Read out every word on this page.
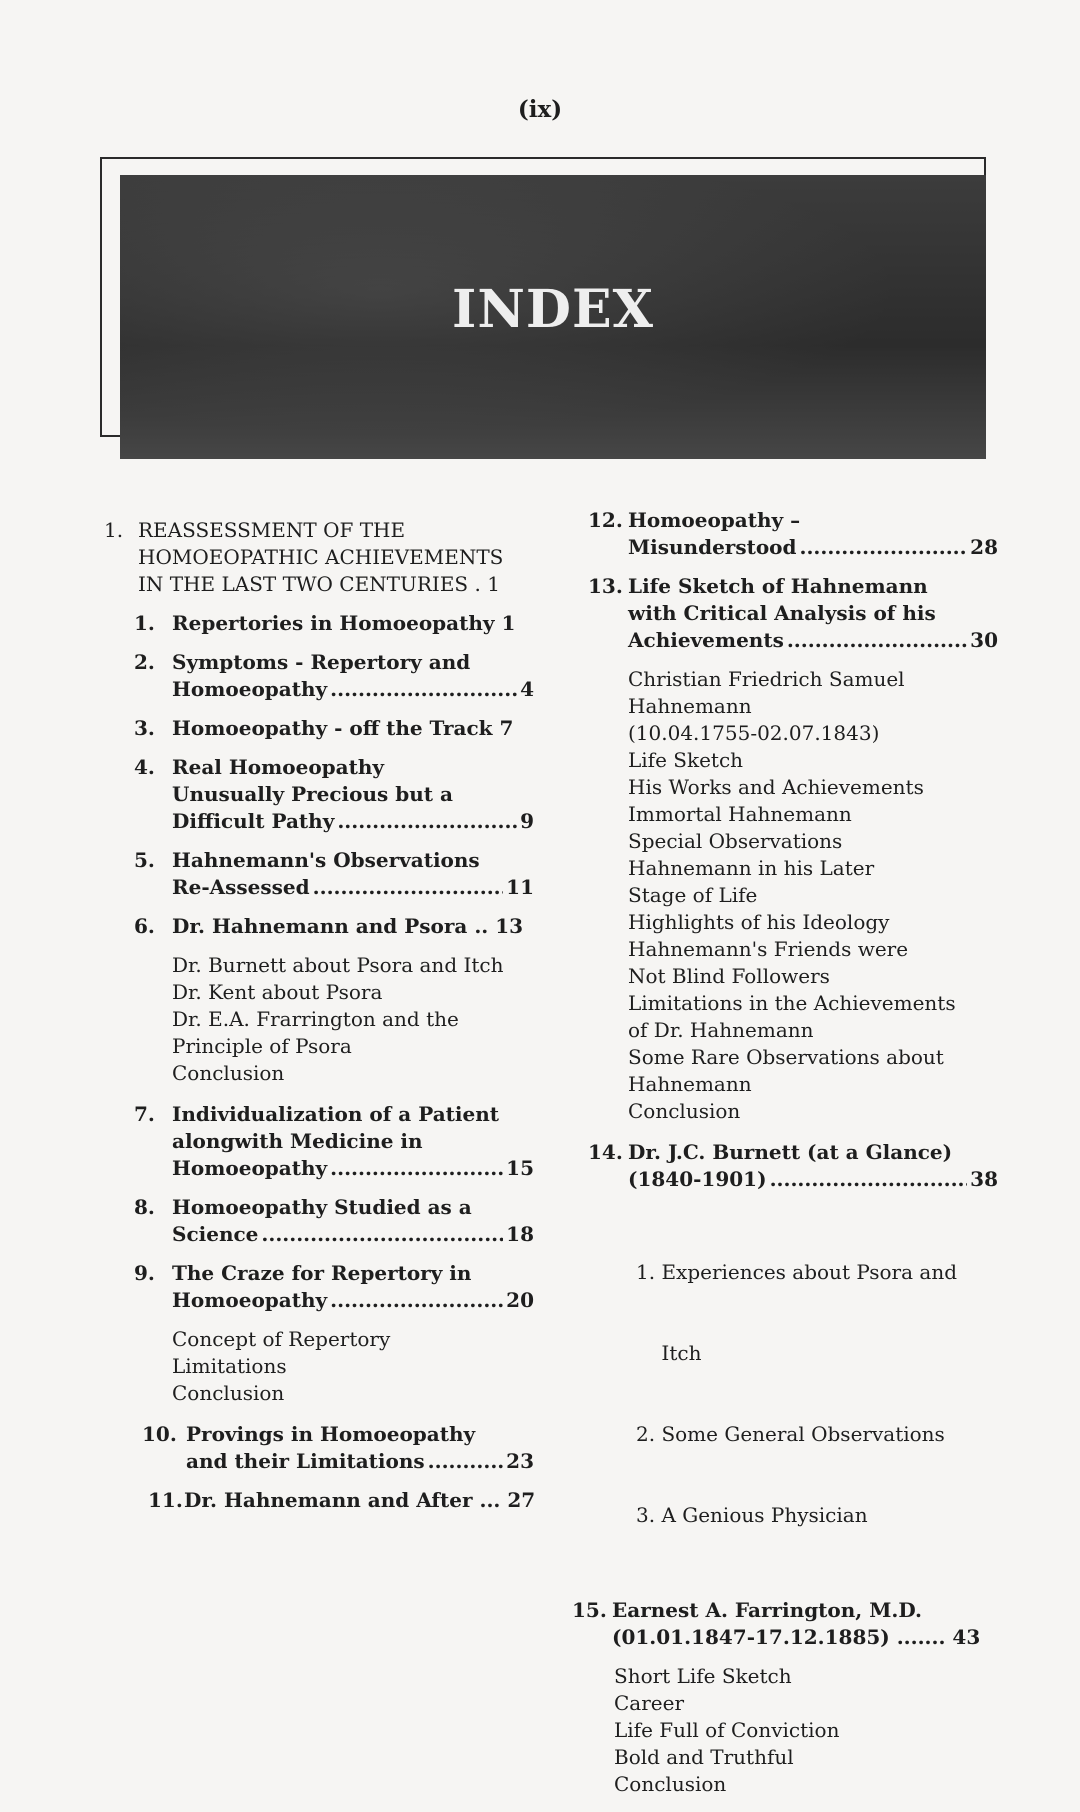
(ix)
INDEX
1. REASSESSMENT OF THE
HOMOEOPATHIC ACHIEVEMENTS
IN THE LAST TWO CENTURIES . 1
1. Repertories in Homoeopathy 1
2. Symptoms - Repertory and
Homoeopathy .....	4
3. Homoeopathy - off the Track 7
4. Real Homoeopathy
Unusually Precious but a
Difficult Pathy .....	9
5. Hahnemann's Observations
Re-Assessed .....	11
6. Dr. Hahnemann and Psora .. 13
Dr. Burnett about Psora and Itch
Dr. Kent about Psora
Dr. E.A. Frarrington and the
Principle of Psora
Conclusion
7. Individualization of a Patient
alongwith Medicine in
Homoeopathy .....	15
8. Homoeopathy Studied as a
Science .....	18
9. The Craze for Repertory in
Homoeopathy .....	20
Concept of Repertory
Limitations
Conclusion
10. Provings in Homoeopathy
and their Limitations .....	23
11. Dr. Hahnemann and After ... 27
12. Homoeopathy –
Misunderstood .....	28
13. Life Sketch of Hahnemann
with Critical Analysis of his
Achievements .....	30
Christian Friedrich Samuel
Hahnemann
(10.04.1755-02.07.1843)
Life Sketch
His Works and Achievements
Immortal Hahnemann
Special Observations
Hahnemann in his Later
Stage of Life
Highlights of his Ideology
Hahnemann's Friends were
Not Blind Followers
Limitations in the Achievements
of Dr. Hahnemann
Some Rare Observations about
Hahnemann
Conclusion
14. Dr. J.C. Burnett (at a Glance)
(1840-1901) .....	38

1. Experiences about Psora and

Itch

2. Some General Observations

3. A Genious Physician

15. Earnest A. Farrington, M.D.
(01.01.1847-17.12.1885) ....... 43
Short Life Sketch
Career
Life Full of Conviction
Bold and Truthful
Conclusion
